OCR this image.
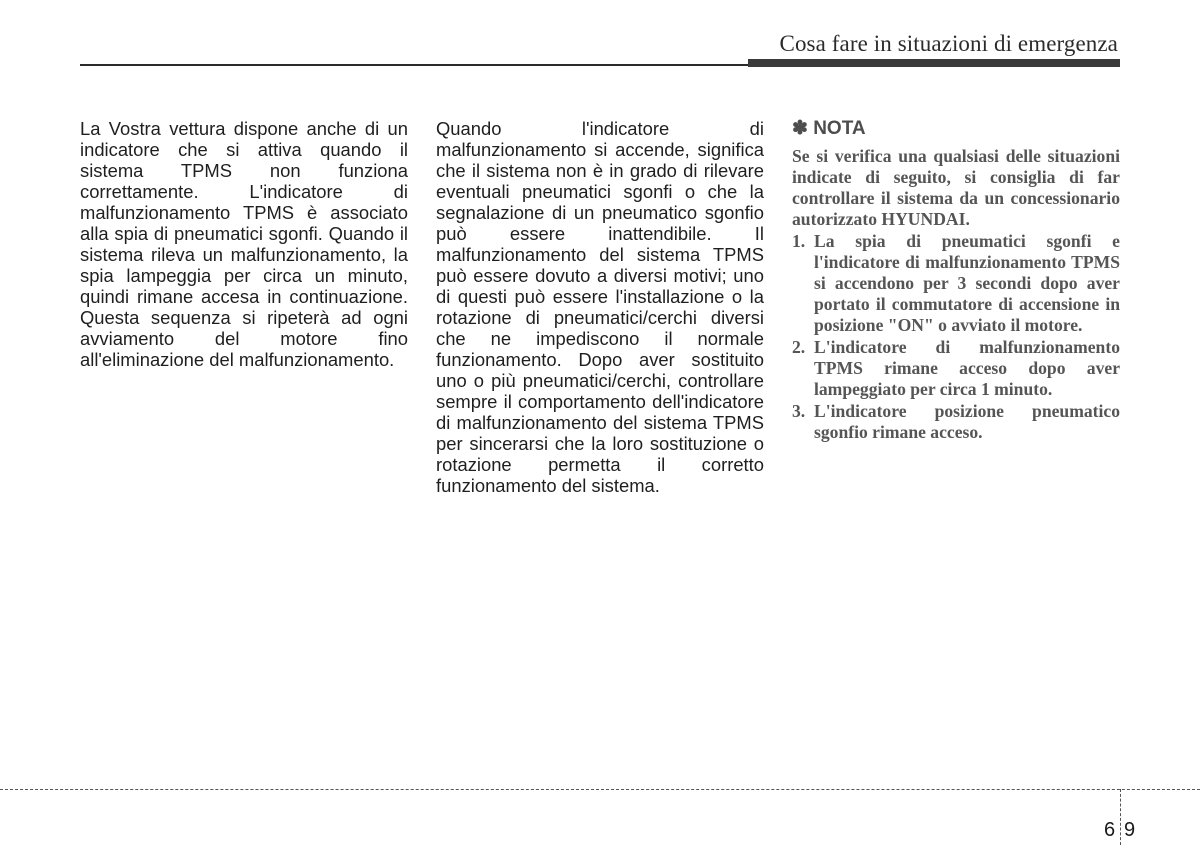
Cosa fare in situazioni di emergenza

La Vostra vettura dispone anche di un indicatore che si attiva quando il sistema TPMS non funziona correttamente. L'indicatore di malfunzionamento TPMS è associato alla spia di pneumatici sgonfi. Quando il sistema rileva un malfunzionamento, la spia lampeggia per circa un minuto, quindi rimane accesa in continuazione. Questa sequenza si ripeterà ad ogni avviamento del motore fino all'eliminazione del malfunzionamento.

Quando l'indicatore di malfunzionamento si accende, significa che il sistema non è in grado di rilevare eventuali pneumatici sgonfi o che la segnalazione di un pneumatico sgonfio può essere inattendibile. Il malfunzionamento del sistema TPMS può essere dovuto a diversi motivi; uno di questi può essere l'installazione o la rotazione di pneumatici/cerchi diversi che ne impediscono il normale funzionamento. Dopo aver sostituito uno o più pneumatici/cerchi, controllare sempre il comportamento dell'indicatore di malfunzionamento del sistema TPMS per sincerarsi che la loro sostituzione o rotazione permetta il corretto funzionamento del sistema.

✽ NOTA

Se si verifica una qualsiasi delle situazioni indicate di seguito, si consiglia di far controllare il sistema da un concessionario autorizzato HYUNDAI.

1. La spia di pneumatici sgonfi e l'indicatore di malfunzionamento TPMS si accendono per 3 secondi dopo aver portato il commutatore di accensione in posizione "ON" o avviato il motore.
2. L'indicatore di malfunzionamento TPMS rimane acceso dopo aver lampeggiato per circa 1 minuto.
3. L'indicatore posizione pneumatico sgonfio rimane acceso.
6 9
